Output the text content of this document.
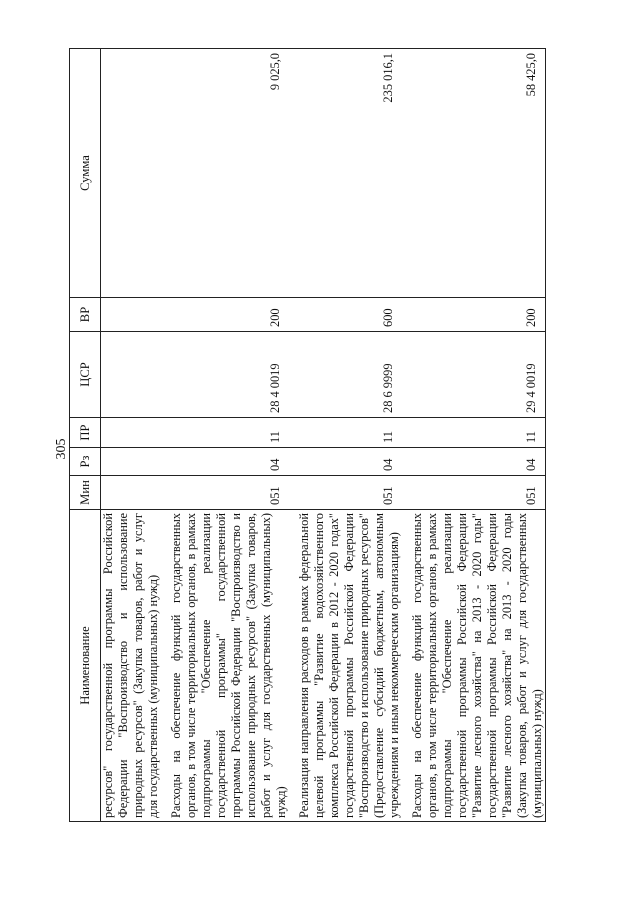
305
Наименование	Мин	Рз	ПР	ЦСР	ВР	Сумма
ресурсов" государственной программы Российской Федерации "Воспроизводство и использование природных ресурсов" (Закупка товаров, работ и услуг для государственных (муниципальных) нужд)						

Расходы на обеспечение функций государственных органов, в том числе территориальных органов, в рамках подпрограммы "Обеспечение реализации государственной программы" государственной программы Российской Федерации "Воспроизводство и использование природных ресурсов" (Закупка товаров, работ и услуг для государственных (муниципальных) нужд)	051	04	11	28 4 0019	200	9 025,0

Реализация направления расходов в рамках федеральной целевой программы "Развитие водохозяйственного комплекса Российской Федерации в 2012 - 2020 годах" государственной программы Российской Федерации "Воспроизводство и использование природных ресурсов" (Предоставление субсидий бюджетным, автономным учреждениям и иным некоммерческим организациям)	051	04	11	28 6 9999	600	235 016,1

Расходы на обеспечение функций государственных органов, в том числе территориальных органов, в рамках подпрограммы "Обеспечение реализации государственной программы Российской Федерации "Развитие лесного хозяйства" на 2013 - 2020 годы" государственной программы Российской Федерации "Развитие лесного хозяйства" на 2013 - 2020 годы (Закупка товаров, работ и услуг для государственных (муниципальных) нужд)	051	04	11	29 4 0019	200	58 425,0
